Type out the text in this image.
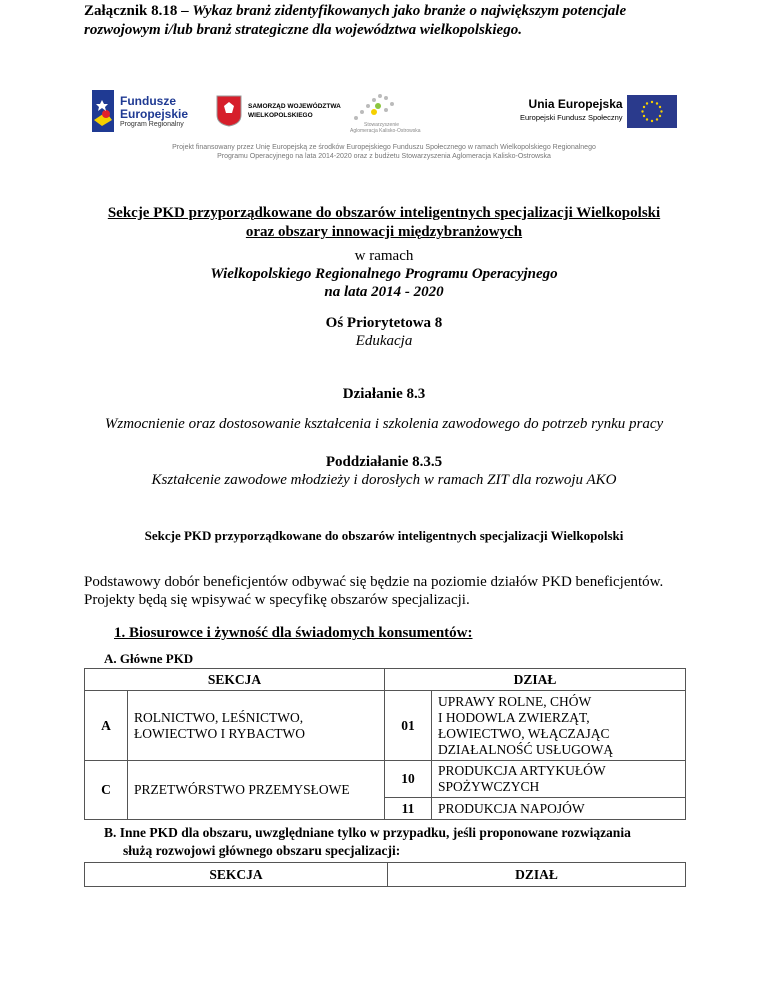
Załącznik 8.18 – Wykaz branż zidentyfikowanych jako branże o największym potencjale
rozwojowym i/lub branż strategiczne dla województwa wielkopolskiego.
Fundusze
Europejskie
Program Regionalny
SAMORZĄD WOJEWÓDZTWA
WIELKOPOLSKIEGO
Stowarzyszenie
Aglomeracja Kalisko-Ostrowska
Unia Europejska
Europejski Fundusz Społeczny
Projekt finansowany przez Unię Europejską ze środków Europejskiego Funduszu Społecznego w ramach Wielkopolskiego Regionalnego
Programu Operacyjnego na lata 2014-2020 oraz z budżetu Stowarzyszenia Aglomeracja Kalisko-Ostrowska
Sekcje PKD przyporządkowane do obszarów inteligentnych specjalizacji Wielkopolski
oraz obszary innowacji międzybranżowych
w ramach
Wielkopolskiego Regionalnego Programu Operacyjnego
na lata 2014 - 2020
Oś Priorytetowa 8
Edukacja
Działanie 8.3
Wzmocnienie oraz dostosowanie kształcenia i szkolenia zawodowego do potrzeb rynku pracy
Poddziałanie 8.3.5
Kształcenie zawodowe młodzieży i dorosłych w ramach ZIT dla rozwoju AKO
Sekcje PKD przyporządkowane do obszarów inteligentnych specjalizacji Wielkopolski
Podstawowy dobór beneficjentów odbywać się będzie na poziomie działów PKD beneficjentów.
Projekty będą się wpisywać w specyfikę obszarów specjalizacji.
1. Biosurowce i żywność dla świadomych konsumentów:
A. Główne PKD
SEKCJA		DZIAŁ	
A	ROLNICTWO, LEŚNICTWO,
ŁOWIECTWO I RYBACTWO	01	UPRAWY ROLNE, CHÓW
I HODOWLA ZWIERZĄT,
ŁOWIECTWO, WŁĄCZAJĄC
DZIAŁALNOŚĆ USŁUGOWĄ
C	PRZETWÓRSTWO PRZEMYSŁOWE	10	PRODUKCJA ARTYKUŁÓW
SPOŻYWCZYCH
		11	PRODUKCJA NAPOJÓW
B. Inne PKD dla obszaru, uwzględniane tylko w przypadku, jeśli proponowane rozwiązania
służą rozwojowi głównego obszaru specjalizacji:
SEKCJA	DZIAŁ
